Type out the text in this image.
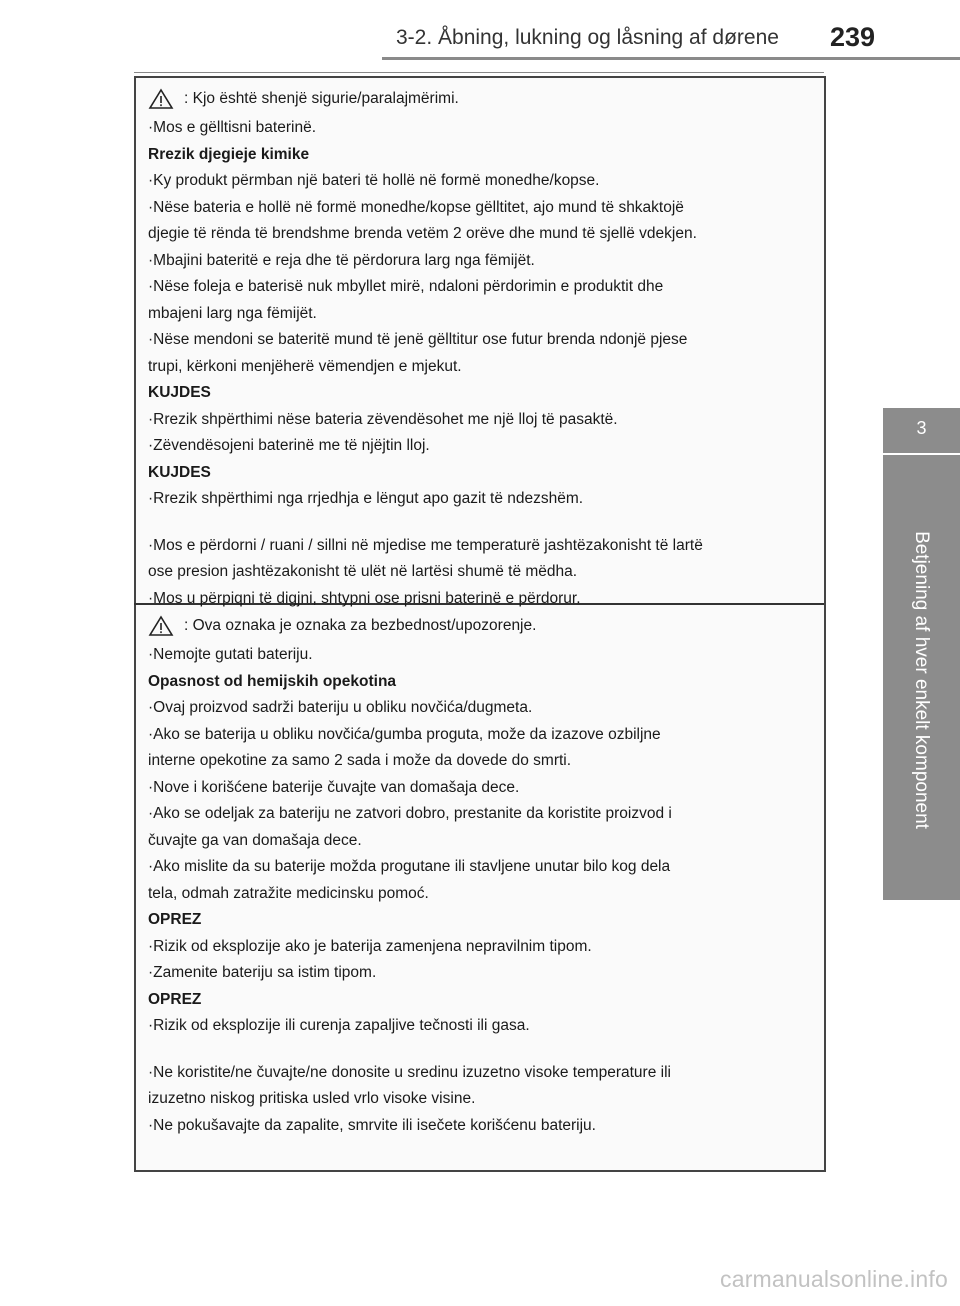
3-2. Åbning, lukning og låsning af dørene 239
3
Betjening af hver enkelt komponent

: Kjo është shenjë sigurie/paralajmërimi.

·Mos e gëlltisni baterinë.

Rrezik djegieje kimike

·Ky produkt përmban një bateri të hollë në formë monedhe/kopse.

·Nëse bateria e hollë në formë monedhe/kopse gëlltitet, ajo mund të shkaktojë

djegie të rënda të brendshme brenda vetëm 2 orëve dhe mund të sjellë vdekjen.

·Mbajini bateritë e reja dhe të përdorura larg nga fëmijët.

·Nëse foleja e baterisë nuk mbyllet mirë, ndaloni përdorimin e produktit dhe

mbajeni larg nga fëmijët.

·Nëse mendoni se bateritë mund të jenë gëlltitur ose futur brenda ndonjë pjese

trupi, kërkoni menjëherë vëmendjen e mjekut.

KUJDES

·Rrezik shpërthimi nëse bateria zëvendësohet me një lloj të pasaktë.

·Zëvendësojeni baterinë me të njëjtin lloj.

KUJDES

·Rrezik shpërthimi nga rrjedhja e lëngut apo gazit të ndezshëm.

·Mos e përdorni / ruani / sillni në mjedise me temperaturë jashtëzakonisht të lartë

ose presion jashtëzakonisht të ulët në lartësi shumë të mëdha.

·Mos u përpiqni të digjni, shtypni ose prisni baterinë e përdorur.

: Ova oznaka je oznaka za bezbednost/upozorenje.

·Nemojte gutati bateriju.

Opasnost od hemijskih opekotina

·Ovaj proizvod sadrži bateriju u obliku novčića/dugmeta.

·Ako se baterija u obliku novčića/gumba proguta, može da izazove ozbiljne

interne opekotine za samo 2 sada i može da dovede do smrti.

·Nove i korišćene baterije čuvajte van domašaja dece.

·Ako se odeljak za bateriju ne zatvori dobro, prestanite da koristite proizvod i

čuvajte ga van domašaja dece.

·Ako mislite da su baterije možda progutane ili stavljene unutar bilo kog dela

tela, odmah zatražite medicinsku pomoć.

OPREZ

·Rizik od eksplozije ako je baterija zamenjena nepravilnim tipom.

·Zamenite bateriju sa istim tipom.

OPREZ

·Rizik od eksplozije ili curenja zapaljive tečnosti ili gasa.

·Ne koristite/ne čuvajte/ne donosite u sredinu izuzetno visoke temperature ili

izuzetno niskog pritiska usled vrlo visoke visine.

·Ne pokušavajte da zapalite, smrvite ili isečete korišćenu bateriju.

carmanualsonline.info
